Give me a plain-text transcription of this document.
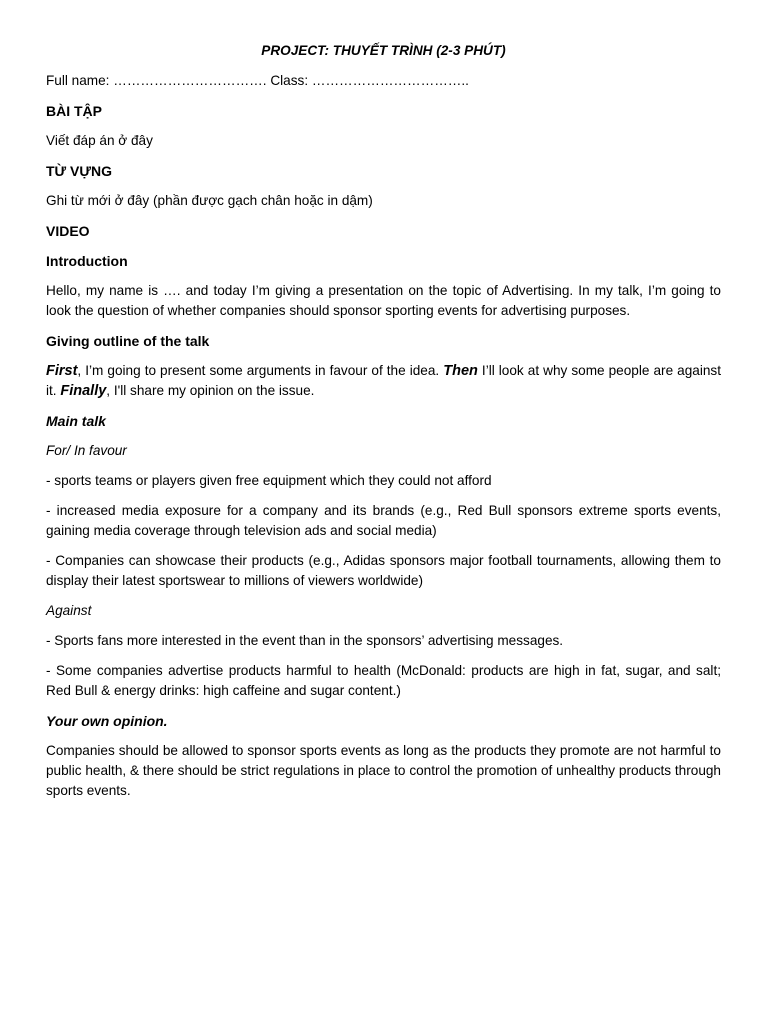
PROJECT: THUYẾT TRÌNH (2-3 PHÚT)

Full name: ……………………………. Class: ……………………………..

BÀI TẬP

Viết đáp án ở đây

TỪ VỰNG

Ghi từ mới ở đây (phần được gạch chân hoặc in dậm)

VIDEO

Introduction

Hello, my name is …. and today I’m giving a presentation on the topic of Advertising. In my talk, I’m going to look the question of whether companies should sponsor sporting events for advertising purposes.

Giving outline of the talk

First, I’m going to present some arguments in favour of the idea. Then I’ll look at why some people are against it. Finally, I'll share my opinion on the issue.

Main talk

For/ In favour

- sports teams or players given free equipment which they could not afford

- increased media exposure for a company and its brands (e.g., Red Bull sponsors extreme sports events, gaining media coverage through television ads and social media)

- Companies can showcase their products (e.g., Adidas sponsors major football tournaments, allowing them to display their latest sportswear to millions of viewers worldwide)

Against

- Sports fans more interested in the event than in the sponsors’ advertising messages.

- Some companies advertise products harmful to health (McDonald: products are high in fat, sugar, and salt; Red Bull & energy drinks: high caffeine and sugar content.)

Your own opinion.

Companies should be allowed to sponsor sports events as long as the products they promote are not harmful to public health, & there should be strict regulations in place to control the promotion of unhealthy products through sports events.
